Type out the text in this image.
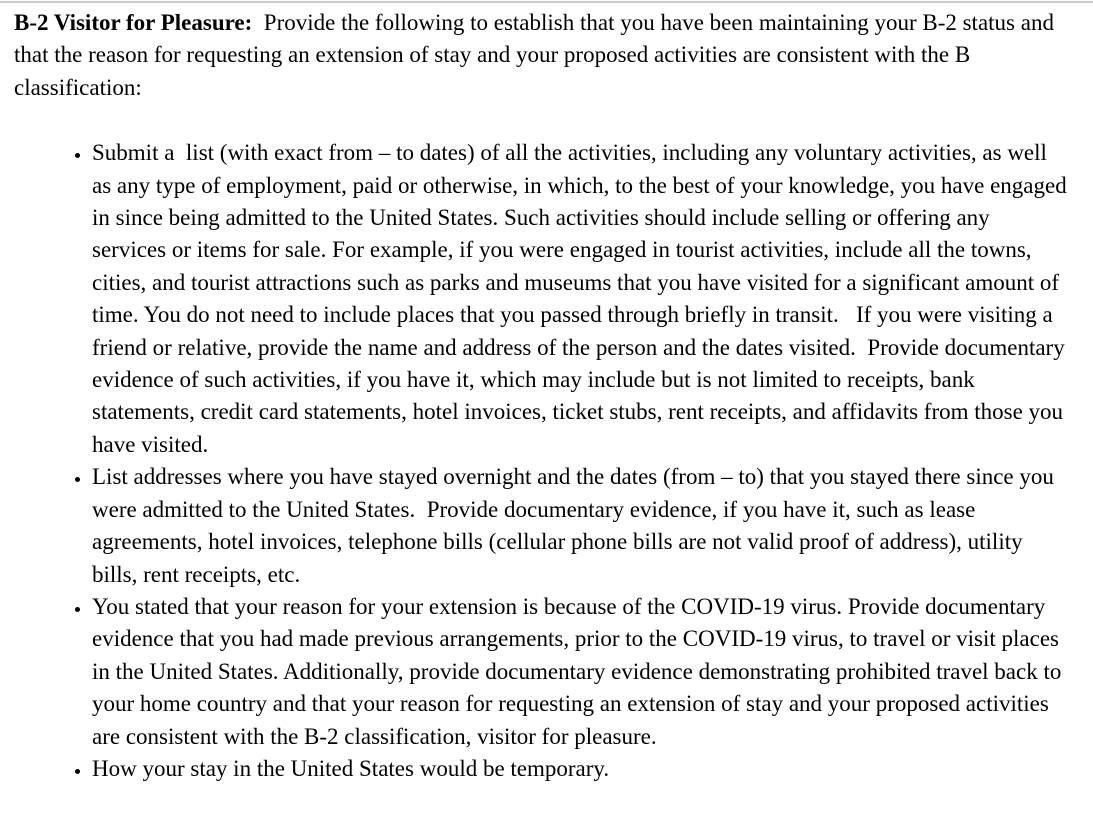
B-2 Visitor for Pleasure:  Provide the following to establish that you have been maintaining your B-2 status and that the reason for requesting an extension of stay and your proposed activities are consistent with the B classification:

• Submit a  list (with exact from – to dates) of all the activities, including any voluntary activities, as well as any type of employment, paid or otherwise, in which, to the best of your knowledge, you have engaged in since being admitted to the United States. Such activities should include selling or offering any services or items for sale. For example, if you were engaged in tourist activities, include all the towns, cities, and tourist attractions such as parks and museums that you have visited for a significant amount of time. You do not need to include places that you passed through briefly in transit.   If you were visiting a friend or relative, provide the name and address of the person and the dates visited.  Provide documentary evidence of such activities, if you have it, which may include but is not limited to receipts, bank statements, credit card statements, hotel invoices, ticket stubs, rent receipts, and affidavits from those you have visited.
• List addresses where you have stayed overnight and the dates (from – to) that you stayed there since you were admitted to the United States.  Provide documentary evidence, if you have it, such as lease agreements, hotel invoices, telephone bills (cellular phone bills are not valid proof of address), utility bills, rent receipts, etc.
• You stated that your reason for your extension is because of the COVID-19 virus. Provide documentary evidence that you had made previous arrangements, prior to the COVID-19 virus, to travel or visit places in the United States. Additionally, provide documentary evidence demonstrating prohibited travel back to your home country and that your reason for requesting an extension of stay and your proposed activities are consistent with the B-2 classification, visitor for pleasure.
• How your stay in the United States would be temporary.
